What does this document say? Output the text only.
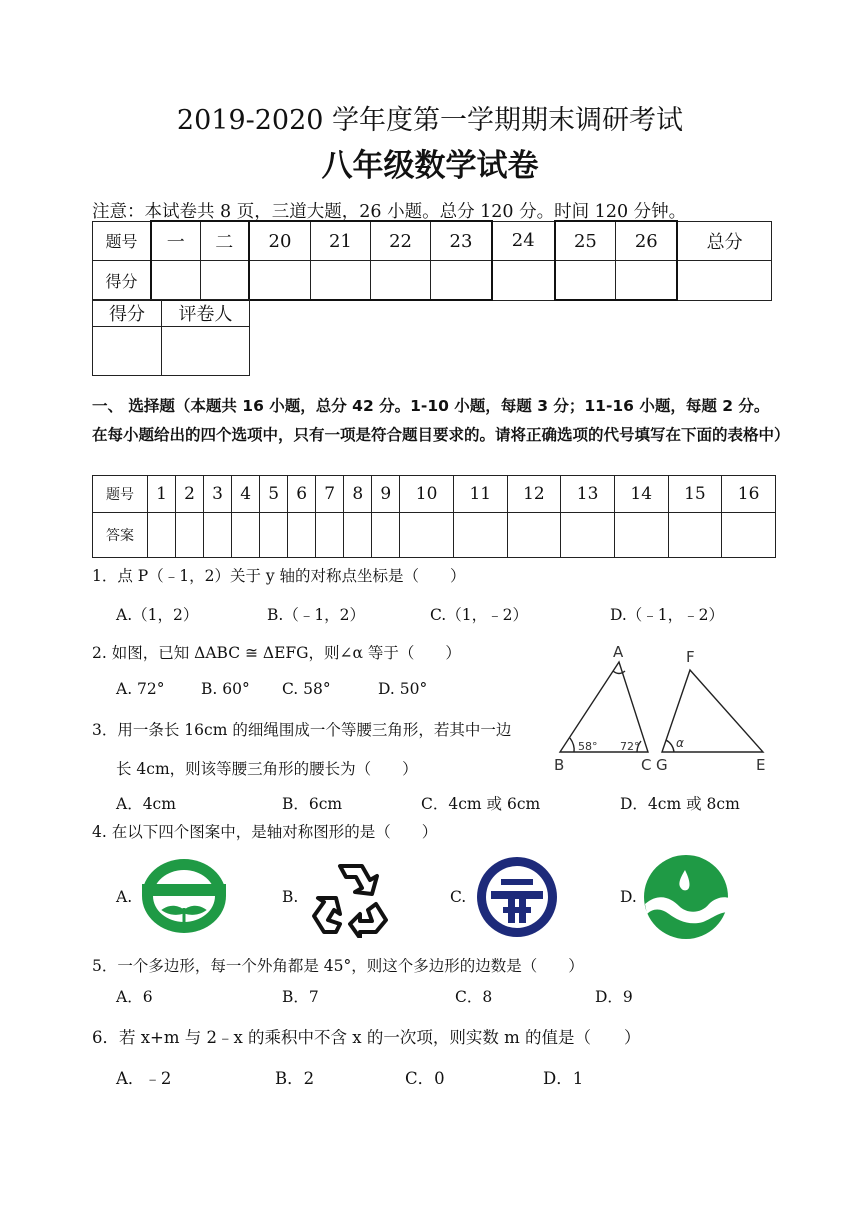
2019-2020 学年度第一学期期末调研考试
八年级数学试卷
注意：本试卷共 8 页，三道大题，26 小题。总分 120 分。时间 120 分钟。
题号	一	二	20	21	22	23	24	25	26	总分
得分										
得分	评卷人

一、 选择题（本题共 16 小题，总分 42 分。1-10 小题，每题 3 分；11-16 小题，每题 2 分。在每小题给出的四个选项中，只有一项是符合题目要求的。请将正确选项的代号填写在下面的表格中）
题号	1	2	3	4	5	6	7	8	9	10	11	12	13	14	15	16
答案																
1．点 P（﹣1，2）关于 y 轴的对称点坐标是（　　）
A.（1，2）	B.（﹣1，2）	C.（1，﹣2）	D.（﹣1，﹣2）
2. 如图，已知 ΔABC ≅ ΔEFG，则∠α 等于（　　）
A. 72° B. 60° C. 58°	D. 50°
A
B	C G
F
E
58° 72°	α
3．用一条长 16cm 的细绳围成一个等腰三角形，若其中一边
长 4cm，则该等腰三角形的腰长为（　　）
A．4cm	B．6cm	C．4cm 或 6cm	D．4cm 或 8cm
4. 在以下四个图案中，是轴对称图形的是（　　）
A.	B.	C.	D.
5．一个多边形，每一个外角都是 45°，则这个多边形的边数是（　　）
A．6	B．7	C．8	D．9
6．若 x+m 与 2﹣x 的乘积中不含 x 的一次项，则实数 m 的值是（　　）
A．﹣2	B．2	C．0	D．1
